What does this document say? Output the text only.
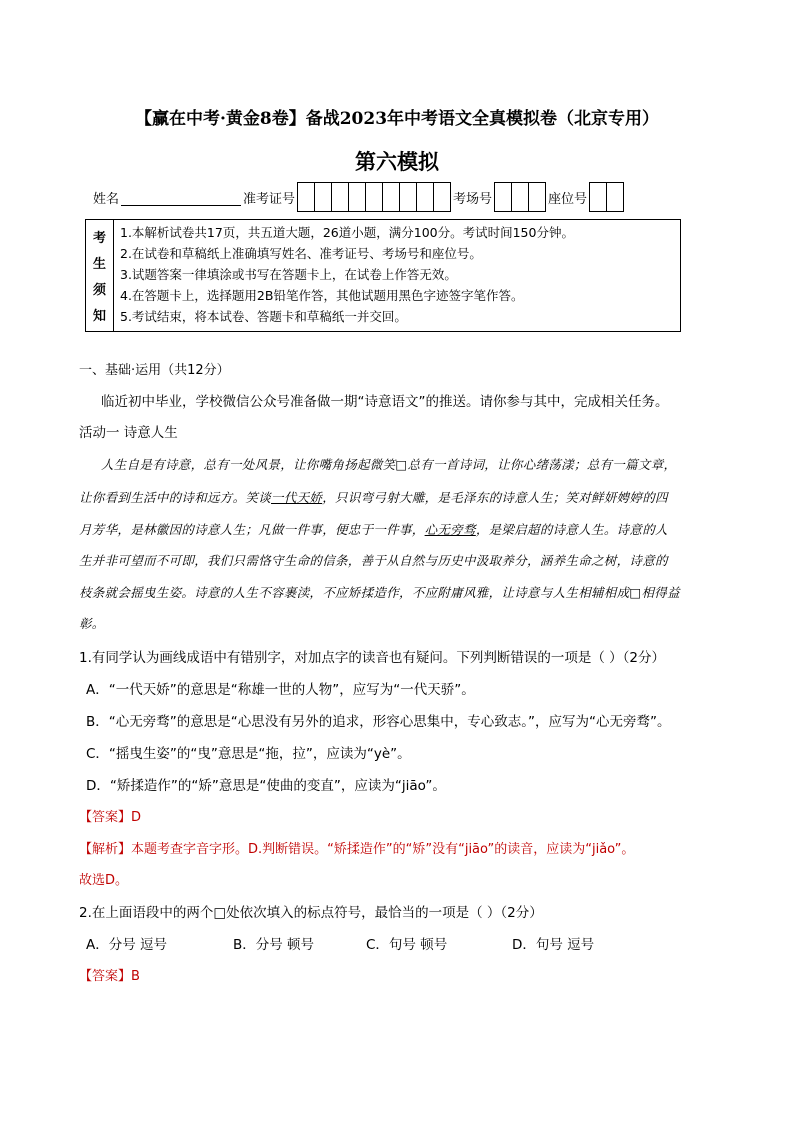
【赢在中考·黄金8卷】备战2023年中考语文全真模拟卷（北京专用）
第六模拟
姓名	准考证号	考场号	座位号
考
生
须
知
1.本解析试卷共17页，共五道大题，26道小题，满分100分。考试时间150分钟。
2.在试卷和草稿纸上准确填写姓名、准考证号、考场号和座位号。
3.试题答案一律填涂或书写在答题卡上，在试卷上作答无效。
4.在答题卡上，选择题用2B铅笔作答，其他试题用黑色字迹签字笔作答。
5.考试结束，将本试卷、答题卡和草稿纸一并交回。
一、基础·运用（共12分）
临近初中毕业，学校微信公众号准备做一期“诗意语文”的推送。请你参与其中，完成相关任务。
活动一 诗意人生
人生自是有诗意，总有一处风景，让你嘴角扬起微笑□总有一首诗词，让你心绪荡漾；总有一篇文章，
让你看到生活中的诗和远方。笑谈一代天娇，只识弯弓射大雕，是毛泽东的诗意人生；笑对鲜妍娉婷的四
月芳华，是林徽因的诗意人生；凡做一件事，便忠于一件事，心无旁骛，是梁启超的诗意人生。诗意的人
生并非可望而不可即，我们只需恪守生命的信条，善于从自然与历史中汲取养分，涵养生命之树，诗意的
枝条就会摇曳生姿。诗意的人生不容裹渎，不应矫揉造作，不应附庸风雅，让诗意与人生相辅相成□相得益
彰。
1.有同学认为画线成语中有错别字，对加点字的读音也有疑问。下列判断错误的一项是（ ）（2分）
A．“一代天娇”的意思是“称雄一世的人物”，应写为“一代天骄”。
B．“心无旁骛”的意思是“心思没有另外的追求，形容心思集中，专心致志。”，应写为“心无旁骛”。
C．“摇曳生姿”的“曳”意思是“拖，拉”，应读为“yè”。
D．“矫揉造作”的“矫”意思是“使曲的变直”，应读为“jiāo”。
【答案】D
【解析】本题考查字音字形。D.判断错误。“矫揉造作”的“矫”没有“jiāo”的读音，应读为“jiǎo”。
故选D。
2.在上面语段中的两个□处依次填入的标点符号，最恰当的一项是（ ）（2分）
A．分号 逗号	B．分号 顿号	C．句号 顿号	D．句号 逗号
【答案】B
